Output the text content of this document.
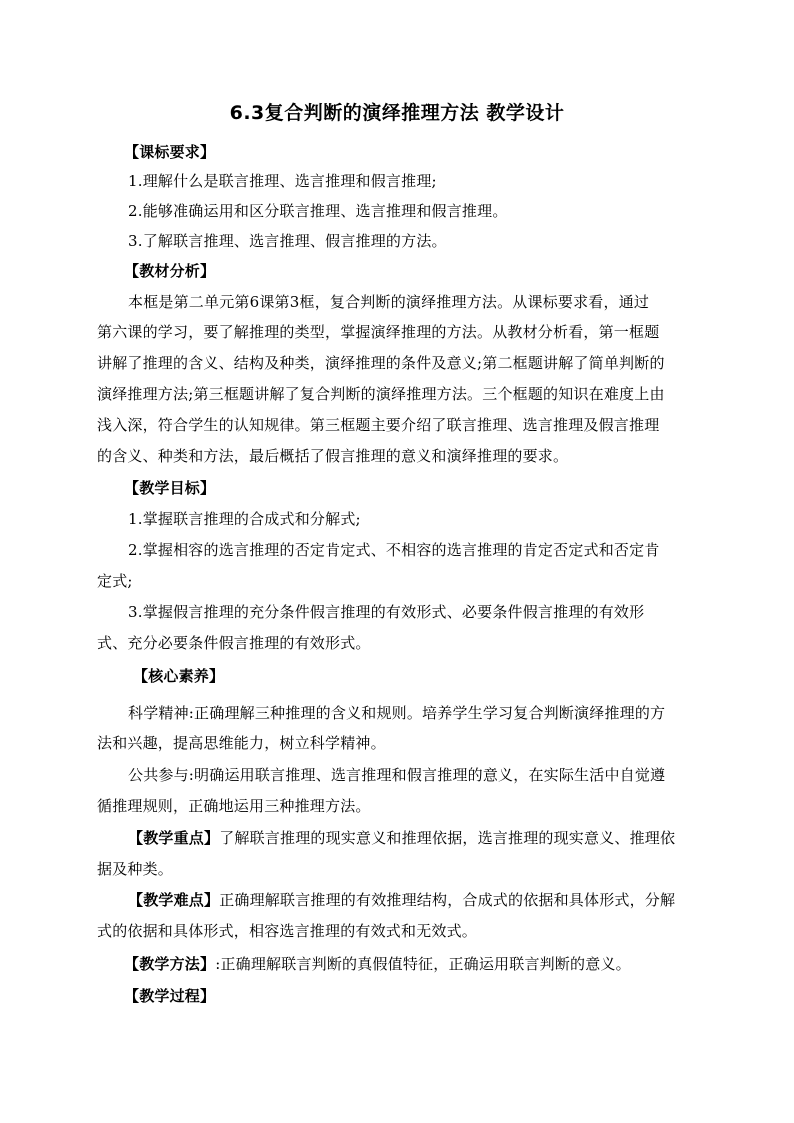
6.3复合判断的演绎推理方法 教学设计
【课标要求】
1.理解什么是联言推理、选言推理和假言推理;
2.能够准确运用和区分联言推理、选言推理和假言推理。
3.了解联言推理、选言推理、假言推理的方法。
【教材分析】
本框是第二单元第6课第3框，复合判断的演绎推理方法。从课标要求看，通过
第六课的学习，要了解推理的类型，掌握演绎推理的方法。从教材分析看，第一框题
讲解了推理的含义、结构及种类，演绎推理的条件及意义;第二框题讲解了简单判断的
演绎推理方法;第三框题讲解了复合判断的演绎推理方法。三个框题的知识在难度上由
浅入深，符合学生的认知规律。第三框题主要介绍了联言推理、选言推理及假言推理
的含义、种类和方法，最后概括了假言推理的意义和演绎推理的要求。
【教学目标】
1.掌握联言推理的合成式和分解式;
2.掌握相容的选言推理的否定肯定式、不相容的选言推理的肯定否定式和否定肯
定式;
3.掌握假言推理的充分条件假言推理的有效形式、必要条件假言推理的有效形
式、充分必要条件假言推理的有效形式。
【核心素养】
科学精神:正确理解三种推理的含义和规则。培养学生学习复合判断演绎推理的方
法和兴趣，提高思维能力，树立科学精神。
公共参与:明确运用联言推理、选言推理和假言推理的意义，在实际生活中自觉遵
循推理规则，正确地运用三种推理方法。
【教学重点】了解联言推理的现实意义和推理依据，选言推理的现实意义、推理依
据及种类。
【教学难点】正确理解联言推理的有效推理结构，合成式的依据和具体形式，分解
式的依据和具体形式，相容选言推理的有效式和无效式。
【教学方法】:正确理解联言判断的真假值特征，正确运用联言判断的意义。
【教学过程】
